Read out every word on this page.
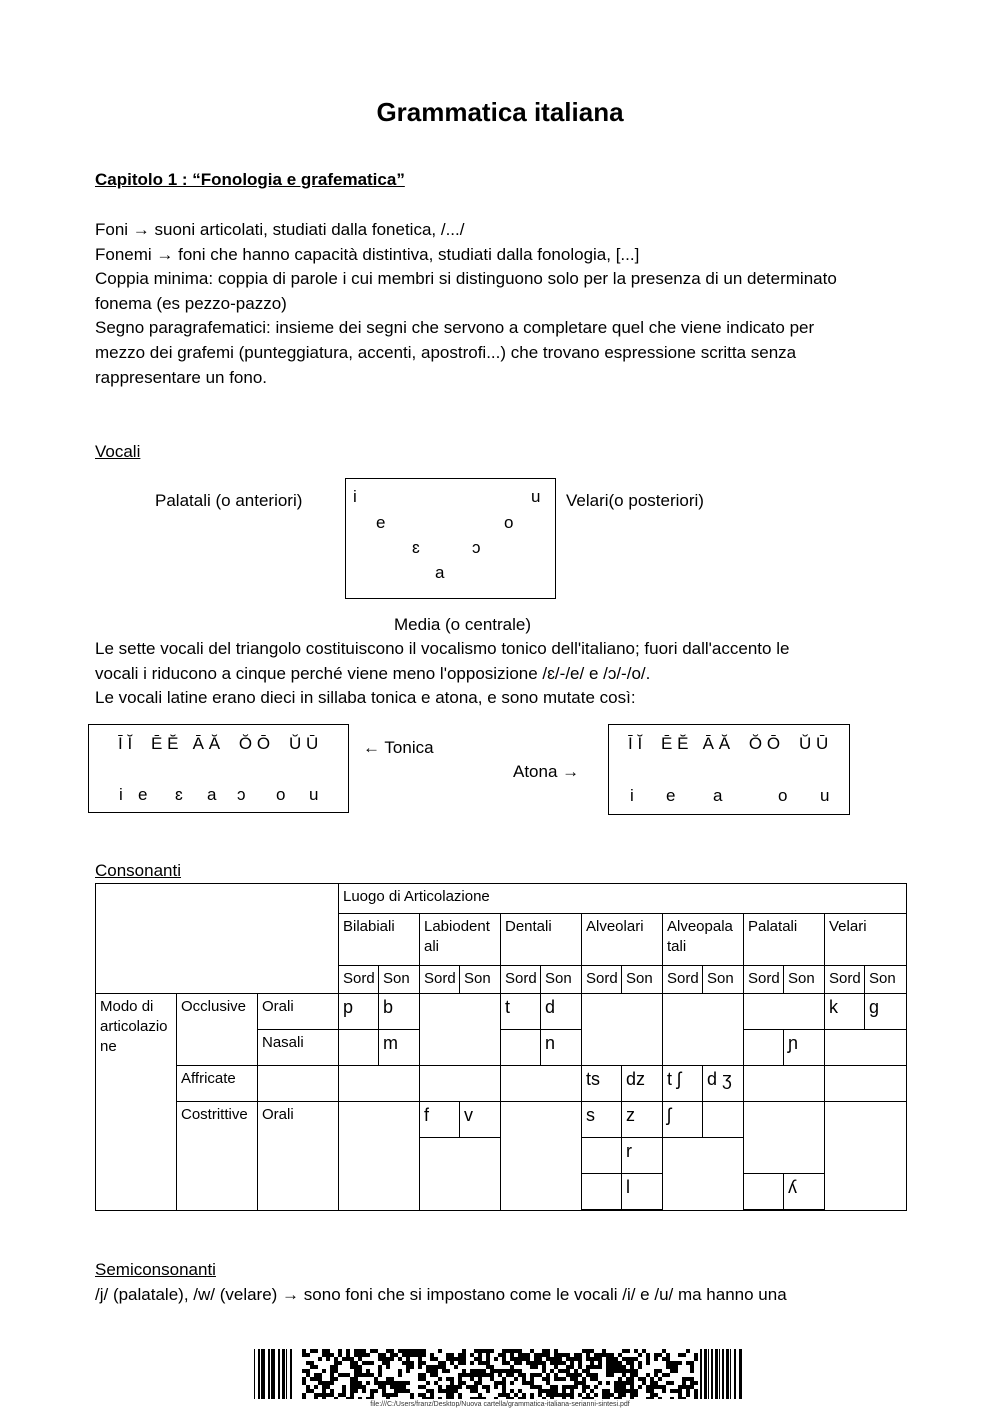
Grammatica italiana
Capitolo 1 : “Fonologia e grafematica”
Foni → suoni articolati, studiati dalla fonetica, /.../
Fonemi → foni che hanno capacità distintiva, studiati dalla fonologia, [...]
Coppia minima: coppia di parole i cui membri si distinguono solo per la presenza di un determinato
fonema (es pezzo-pazzo)
Segno paragrafematici: insieme dei segni che servono a completare quel che viene indicato per
mezzo dei grafemi (punteggiatura, accenti, apostrofi...) che trovano espressione scritta senza
rappresentare un fono.
Vocali
Palatali (o anteriori)	Velari(o posteriori)
i	u
e	o
ɛ	ɔ
a
Media (o centrale)
Le sette vocali del triangolo costituiscono il vocalismo tonico dell'italiano; fuori dall'accento le
vocali i riducono a cinque perché viene meno l'opposizione /ɛ/-/e/ e /ɔ/-/o/.
Le vocali latine erano dieci in sillaba tonica e atona, e sono mutate così:
Ī Ĭ    Ē Ĕ   Ā Ă    Ŏ Ō    Ŭ Ū
i e ɛ a ɔ o u
← Tonica
Atona →
Ī Ĭ    Ē Ĕ   Ā Ă    Ŏ Ō    Ŭ Ū
i e a	o u
Consonanti
			Luogo di Articolazione													
			Bilabiali		Labiodent ali		Dentali		Alveolari		Alveopala tali		Palatali		Velari	
			Sord	Son	Sord	Son	Sord	Son	Sord	Son	Sord	Son	Sord	Son	Sord	Son
Modo di articolazio ne	Occlusive	Orali	p	b			t	d							k	g
		Nasali		m				n						ɲ		
	Affricate								ts	dz	t ʃ	d ʒ				
	Costrittive	Orali			f	v			s	z	ʃ					
										r						
										l				ʎ		

Semiconsonanti
/j/ (palatale), /w/ (velare) → sono foni che si impostano come le vocali /i/ e /u/ ma hanno una
file:///C:/Users/franz/Desktop/Nuova cartella/grammatica-italiana-serianni-sintesi.pdf
